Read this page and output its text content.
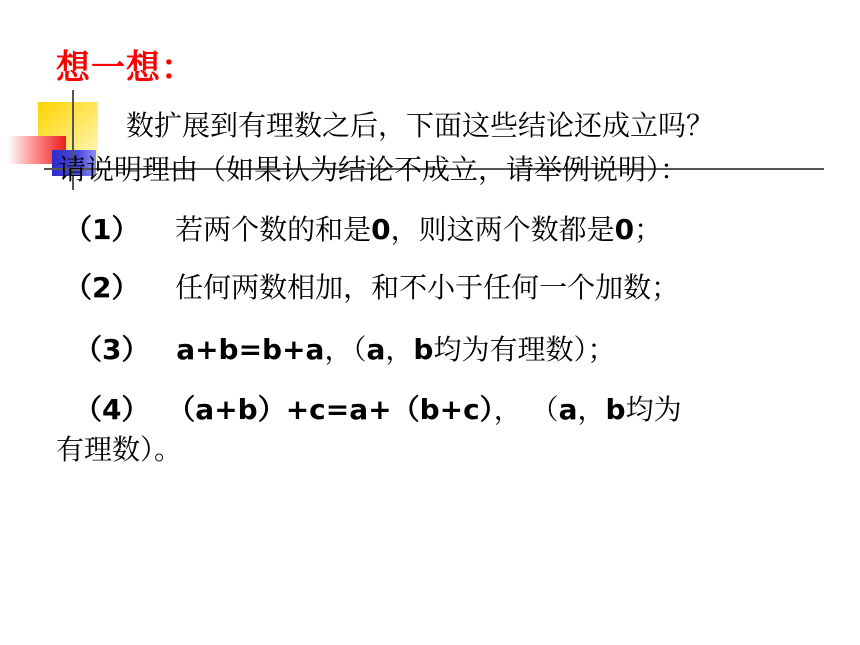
想一想：
数扩展到有理数之后，下面这些结论还成立吗？
请说明理由（如果认为结论不成立，请举例说明）：
（1） 若两个数的和是0，则这两个数都是0；
（2） 任何两数相加，和不小于任何一个加数；
（3） a+b=b+a，（a，b均为有理数）；
（4） （a+b）+c=a+（b+c）， （a，b均为
有理数）。
